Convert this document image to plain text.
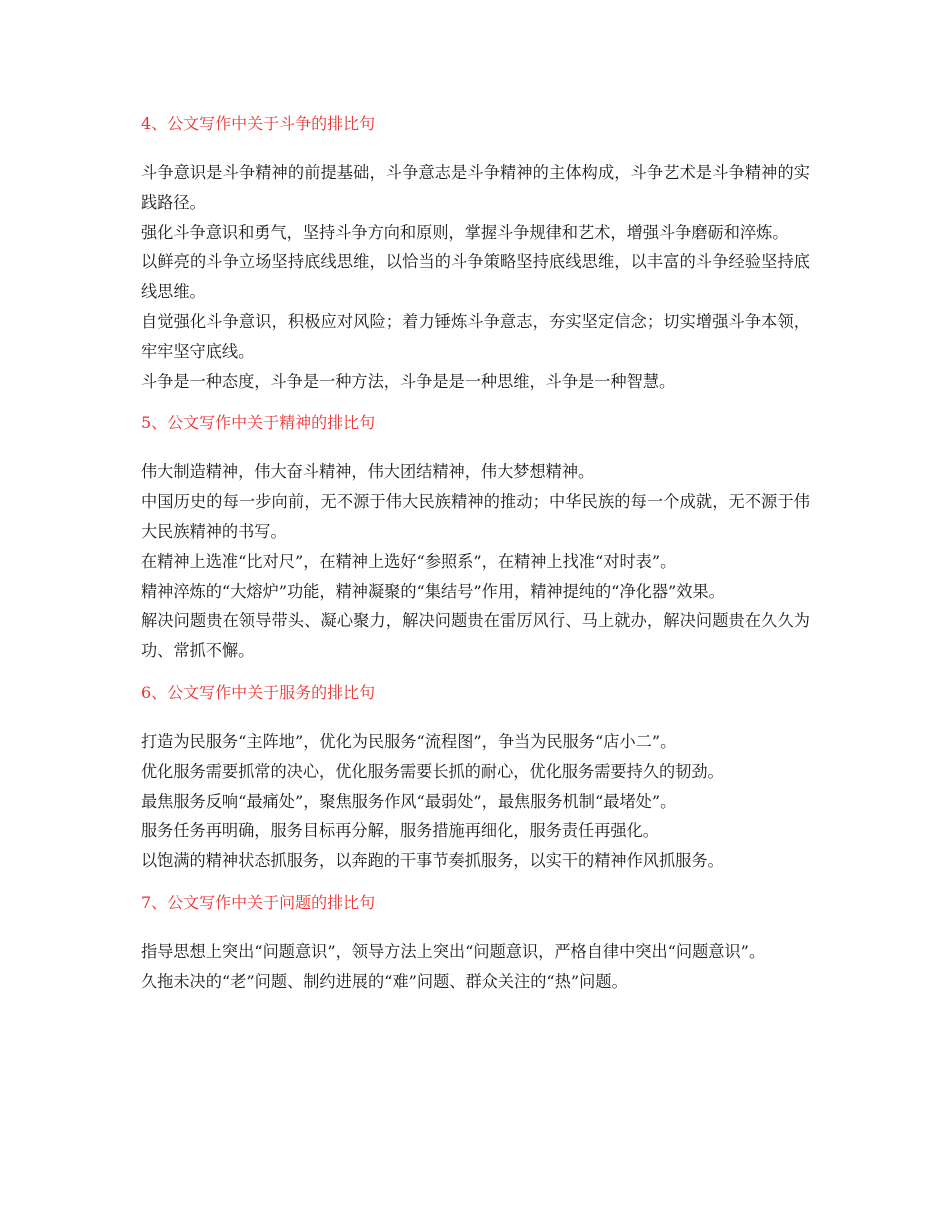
4、公文写作中关于斗争的排比句

斗争意识是斗争精神的前提基础，斗争意志是斗争精神的主体构成，斗争艺术是斗争精神的实践路径。

强化斗争意识和勇气，坚持斗争方向和原则，掌握斗争规律和艺术，增强斗争磨砺和淬炼。

以鲜亮的斗争立场坚持底线思维，以恰当的斗争策略坚持底线思维，以丰富的斗争经验坚持底线思维。

自觉强化斗争意识，积极应对风险；着力锤炼斗争意志，夯实坚定信念；切实增强斗争本领，牢牢坚守底线。

斗争是一种态度，斗争是一种方法，斗争是是一种思维，斗争是一种智慧。

5、公文写作中关于精神的排比句

伟大制造精神，伟大奋斗精神，伟大团结精神，伟大梦想精神。

中国历史的每一步向前，无不源于伟大民族精神的推动；中华民族的每一个成就，无不源于伟大民族精神的书写。

在精神上选准“比对尺”，在精神上选好“参照系”，在精神上找准“对时表”。

精神淬炼的“大熔炉”功能，精神凝聚的“集结号”作用，精神提纯的“净化器”效果。

解决问题贵在领导带头、凝心聚力，解决问题贵在雷厉风行、马上就办，解决问题贵在久久为功、常抓不懈。

6、公文写作中关于服务的排比句

打造为民服务“主阵地”，优化为民服务“流程图”，争当为民服务“店小二”。

优化服务需要抓常的决心，优化服务需要长抓的耐心，优化服务需要持久的韧劲。

最焦服务反响“最痛处”，聚焦服务作风“最弱处”，最焦服务机制“最堵处”。

服务任务再明确，服务目标再分解，服务措施再细化，服务责任再强化。

以饱满的精神状态抓服务，以奔跑的干事节奏抓服务，以实干的精神作风抓服务。

7、公文写作中关于问题的排比句

指导思想上突出“问题意识”，领导方法上突出“问题意识，严格自律中突出“问题意识”。

久拖未决的“老”问题、制约进展的“难”问题、群众关注的“热”问题。
